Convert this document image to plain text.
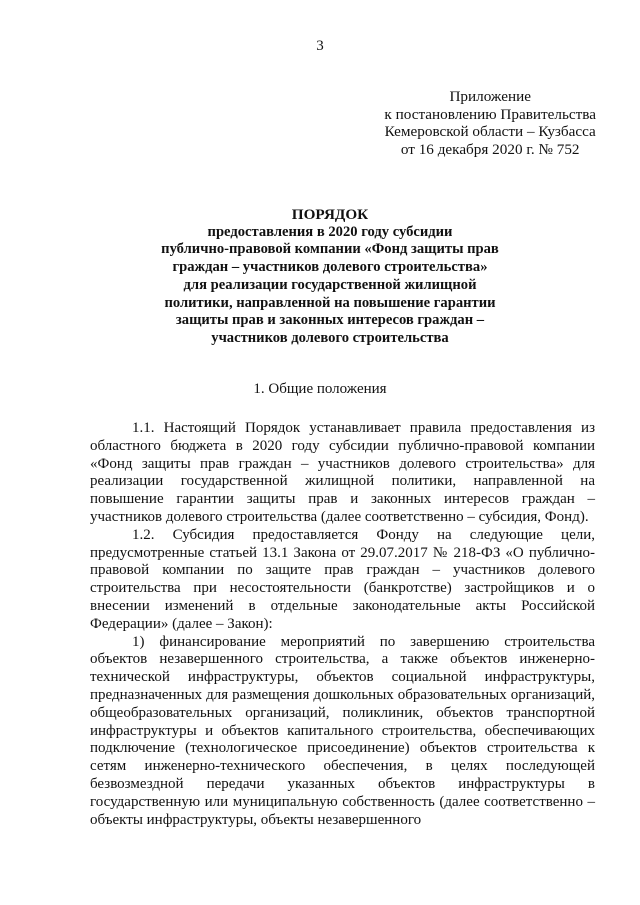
3
Приложение
к постановлению Правительства
Кемеровской области – Кузбасса
от 16 декабря 2020 г. № 752
ПОРЯДОК
предоставления в 2020 году субсидии
публично-правовой компании «Фонд защиты прав
граждан – участников долевого строительства»
для реализации государственной жилищной
политики, направленной на повышение гарантии
защиты прав и законных интересов граждан –
участников долевого строительства
1. Общие положения

1.1. Настоящий Порядок устанавливает правила предоставления из областного бюджета в 2020 году субсидии публично-правовой компании «Фонд защиты прав граждан – участников долевого строительства» для реализации государственной жилищной политики, направленной на повышение гарантии защиты прав и законных интересов граждан – участников долевого строительства (далее соответственно – субсидия, Фонд).

1.2. Субсидия предоставляется Фонду на следующие цели, предусмотренные статьей 13.1 Закона от 29.07.2017 № 218-ФЗ «О публично-правовой компании по защите прав граждан – участников долевого строительства при несостоятельности (банкротстве) застройщиков и о внесении изменений в отдельные законодательные акты Российской Федерации» (далее – Закон):

1) финансирование мероприятий по завершению строительства объектов незавершенного строительства, а также объектов инженерно-технической инфраструктуры, объектов социальной инфраструктуры, предназначенных для размещения дошкольных образовательных организаций, общеобразовательных организаций, поликлиник, объектов транспортной инфраструктуры и объектов капитального строительства, обеспечивающих подключение (технологическое присоединение) объектов строительства к сетям инженерно-технического обеспечения, в целях последующей безвозмездной передачи указанных объектов инфраструктуры в государственную или муниципальную собственность (далее соответственно – объекты инфраструктуры, объекты незавершенного
